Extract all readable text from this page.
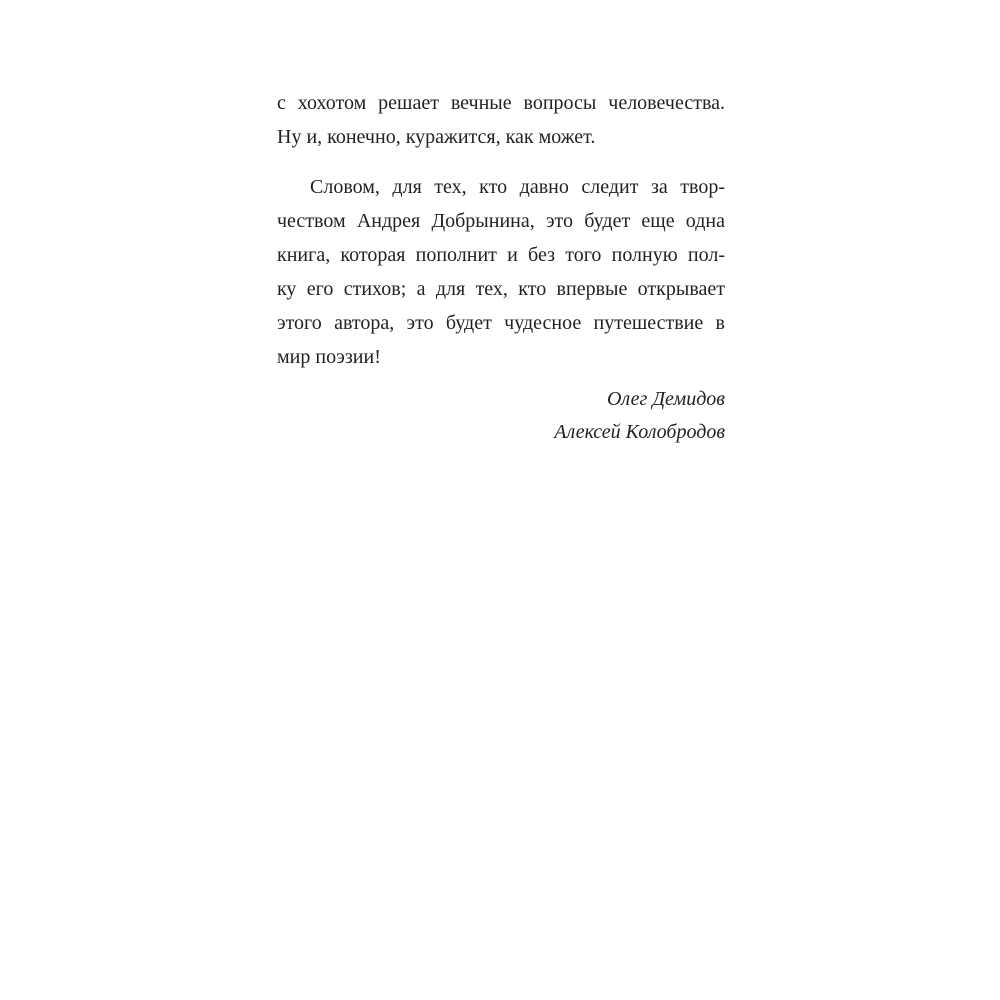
с хохотом решает вечные вопросы человечества.
Ну и, конечно, куражится, как может.
Словом, для тех, кто давно следит за твор-
чеством Андрея Добрынина, это будет еще одна
книга, которая пополнит и без того полную пол-
ку его стихов; а для тех, кто впервые открывает
этого автора, это будет чудесное путешествие в
мир поэзии!
Олег Демидов
Алексей Колобродов
